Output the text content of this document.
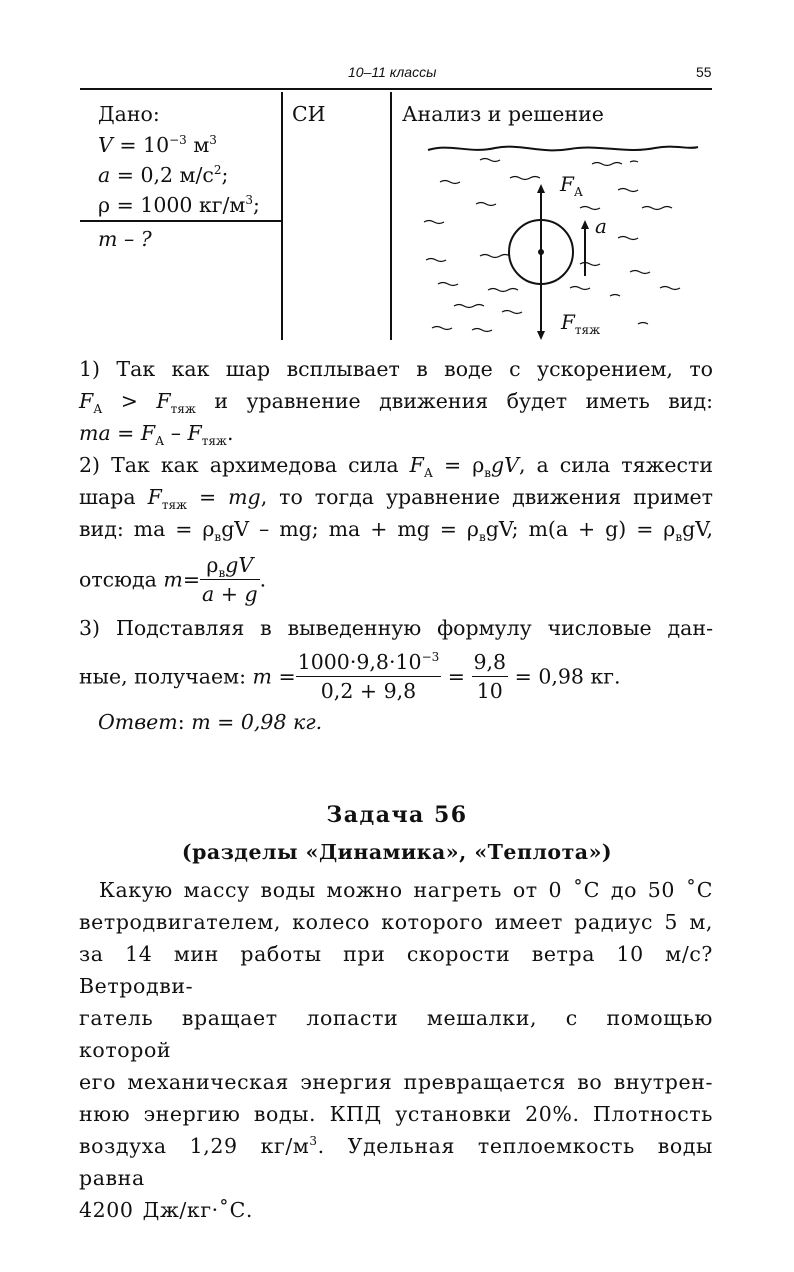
10–11 классы	55
Дано:
$V = 10^{-3}$ $м^3$
a = 0,2 $м/с^2$;
ρ = 1000 $кг/м^3$;
m – ?
СИ	Анализ и решение
$F_А$
a
$F_{тяж}$
1) Так как шар всплывает в воде с ускорением, то
$F_А > F_{тяж}$ и уравнение движения будет иметь вид:
ma = $F_А - F_{тяж}$.
2) Так как архимедова сила $F_А = \rho_вgV$, а сила тяжести
шара $F_{тяж}$ = mg, то тогда уравнение движения примет
вид: ma = $\rho_вgV$ – mg; ma + mg = $\rho_вgV$; $m(a + g) = \rho_вgV$,
отсюда $m= \frac{\rho_вgV}{a + g}$ .
3) Подставляя в выведенную формулу числовые дан-
ные, получаем: $m = \frac{1000\cdot 9,8\cdot 10^{-3}}{0,2 + 9,8} = \frac{9,8}{10} = 0,98$ кг.
Ответ: m = 0,98 кг.
Задача 56
(разделы «Динамика», «Теплота»)
Какую массу воды можно нагреть от 0 ˚С до 50 ˚С
ветродвигателем, колесо которого имеет радиус 5 м,
за 14 мин работы при скорости ветра 10 м/с? Ветродви-
гатель вращает лопасти мешалки, с помощью которой
его механическая энергия превращается во внутрен-
нюю энергию воды. КПД установки 20%. Плотность
воздуха 1,29 $кг/м^3$. Удельная теплоемкость воды равна
4200 Дж/кг·˚С.
